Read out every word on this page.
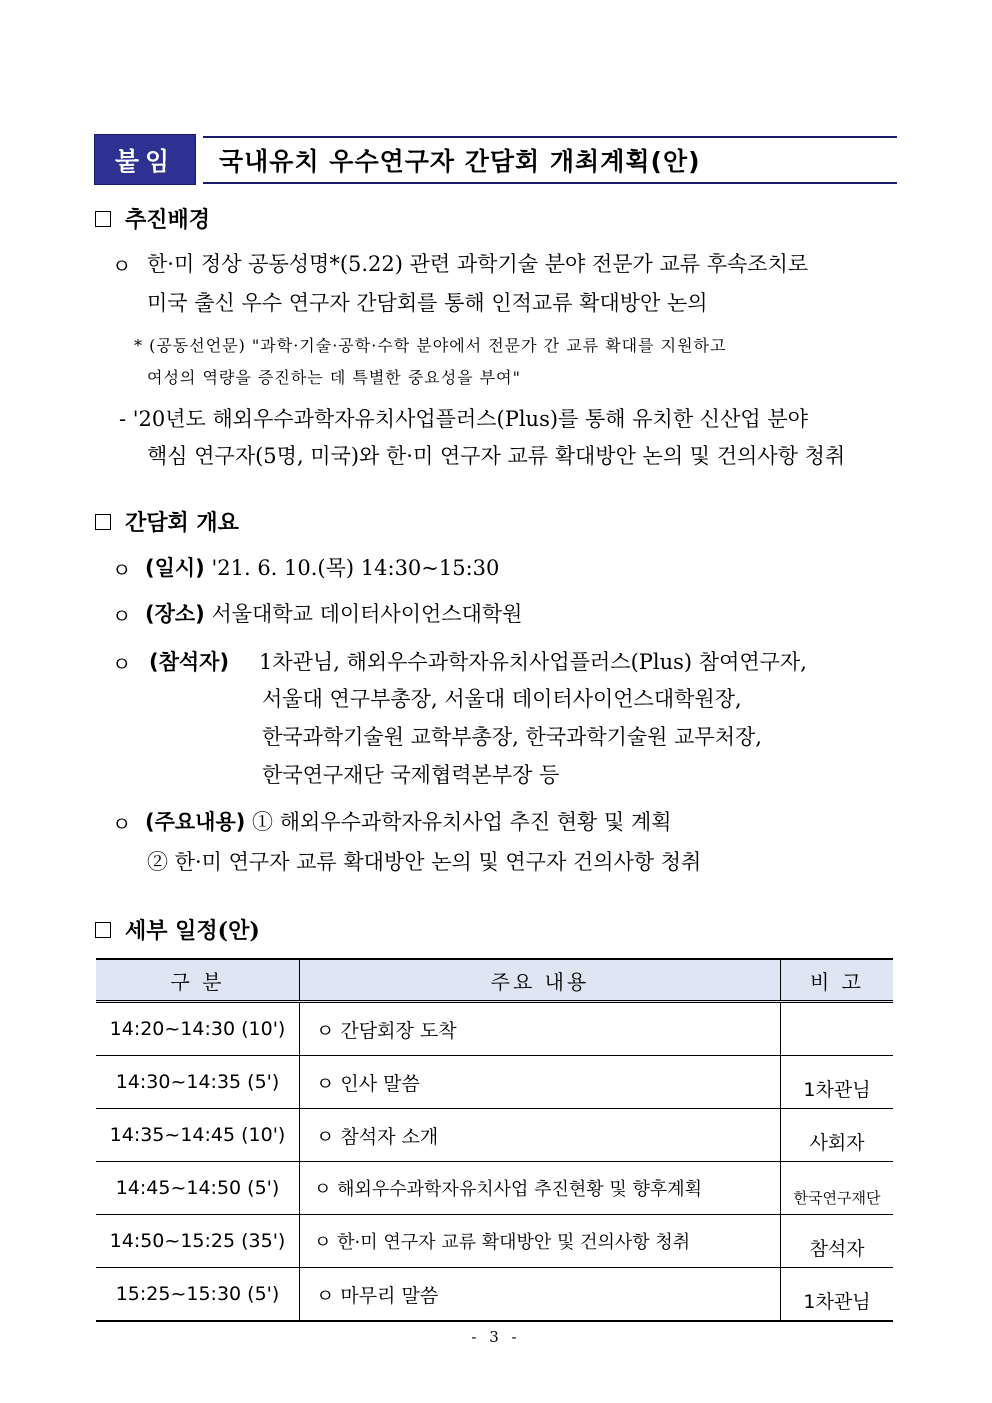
붙임	국내유치 우수연구자 간담회 개최계획(안)
추진배경
ㅇ 한·미 정상 공동성명*(5.22) 관련 과학기술 분야 전문가 교류 후속조치로
미국 출신 우수 연구자 간담회를 통해 인적교류 확대방안 논의
* (공동선언문) "과학·기술·공학·수학 분야에서 전문가 간 교류 확대를 지원하고
여성의 역량을 증진하는 데 특별한 중요성을 부여"
- '20년도 해외우수과학자유치사업플러스(Plus)를 통해 유치한 신산업 분야
핵심 연구자(5명, 미국)와 한·미 연구자 교류 확대방안 논의 및 건의사항 청취
간담회 개요
ㅇ (일시) '21. 6. 10.(목) 14:30~15:30
ㅇ (장소) 서울대학교 데이터사이언스대학원
ㅇ (참석자) 1차관님, 해외우수과학자유치사업플러스(Plus) 참여연구자,
서울대 연구부총장, 서울대 데이터사이언스대학원장,
한국과학기술원 교학부총장, 한국과학기술원 교무처장,
한국연구재단 국제협력본부장 등
ㅇ (주요내용) ① 해외우수과학자유치사업 추진 현황 및 계획
② 한·미 연구자 교류 확대방안 논의 및 연구자 건의사항 청취
세부 일정(안)
구 분	주요 내용	비 고
14:20~14:30 (10')	ㅇ 간담회장 도착	
14:30~14:35 (5')	ㅇ 인사 말씀	1차관님
14:35~14:45 (10')	ㅇ 참석자 소개	사회자
14:45~14:50 (5')	ㅇ 해외우수과학자유치사업 추진현황 및 향후계획	한국연구재단
14:50~15:25 (35')	ㅇ 한·미 연구자 교류 확대방안 및 건의사항 청취	참석자
15:25~15:30 (5')	ㅇ 마무리 말씀	1차관님
- 3 -
